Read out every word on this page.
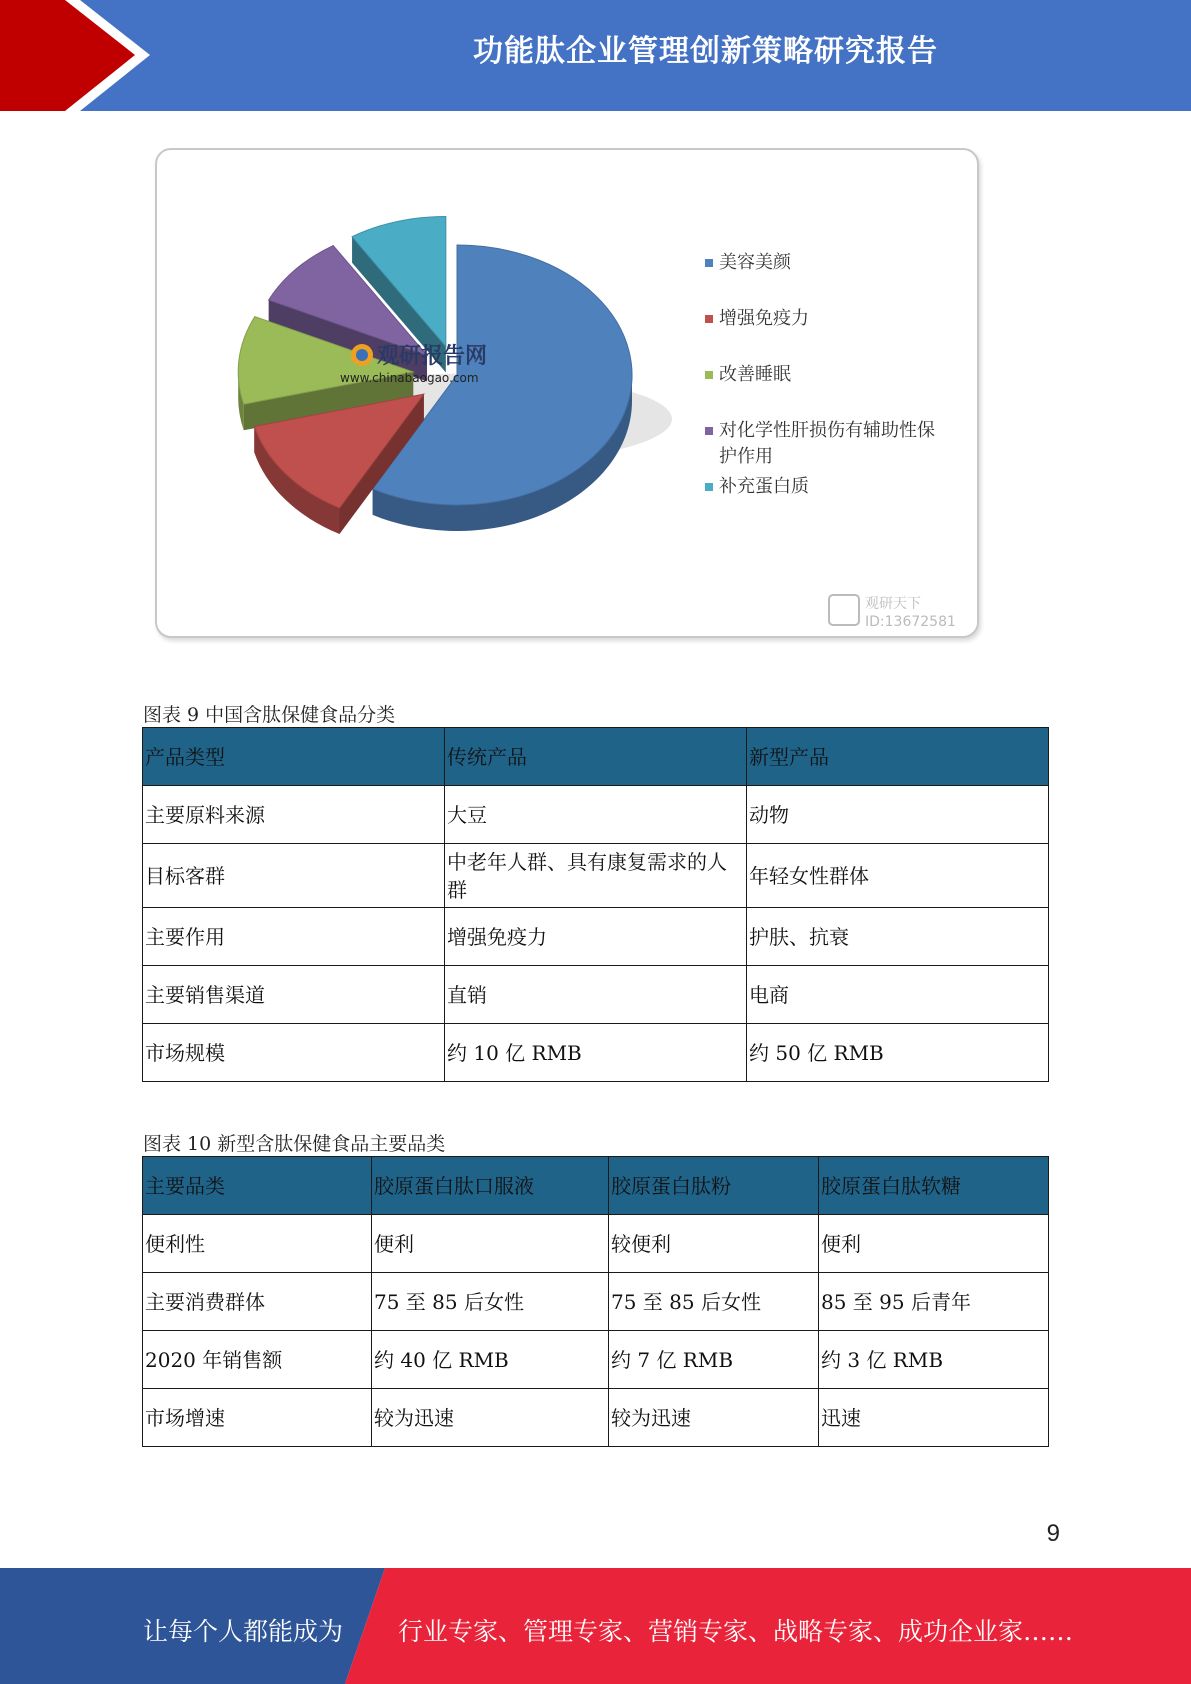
功能肽企业管理创新策略研究报告
观研报告网
www.chinabaogao.com
美容美颜
增强免疫力
改善睡眠
对化学性肝损伤有辅助性保
护作用
补充蛋白质
观研天下
ID:13672581
图表 9 中国含肽保健食品分类
产品类型	传统产品	新型产品
主要原料来源	大豆	动物
目标客群	中老年人群、具有康复需求的人群	年轻女性群体
主要作用	增强免疫力	护肤、抗衰
主要销售渠道	直销	电商
市场规模	约 10 亿 RMB	约 50 亿 RMB
图表 10 新型含肽保健食品主要品类
主要品类	胶原蛋白肽口服液	胶原蛋白肽粉	胶原蛋白肽软糖
便利性	便利	较便利	便利
主要消费群体	75 至 85 后女性	75 至 85 后女性	85 至 95 后青年
2020 年销售额	约 40 亿 RMB	约 7 亿 RMB	约 3 亿 RMB
市场增速	较为迅速	较为迅速	迅速
9
让每个人都能成为 行业专家、管理专家、营销专家、战略专家、成功企业家……
